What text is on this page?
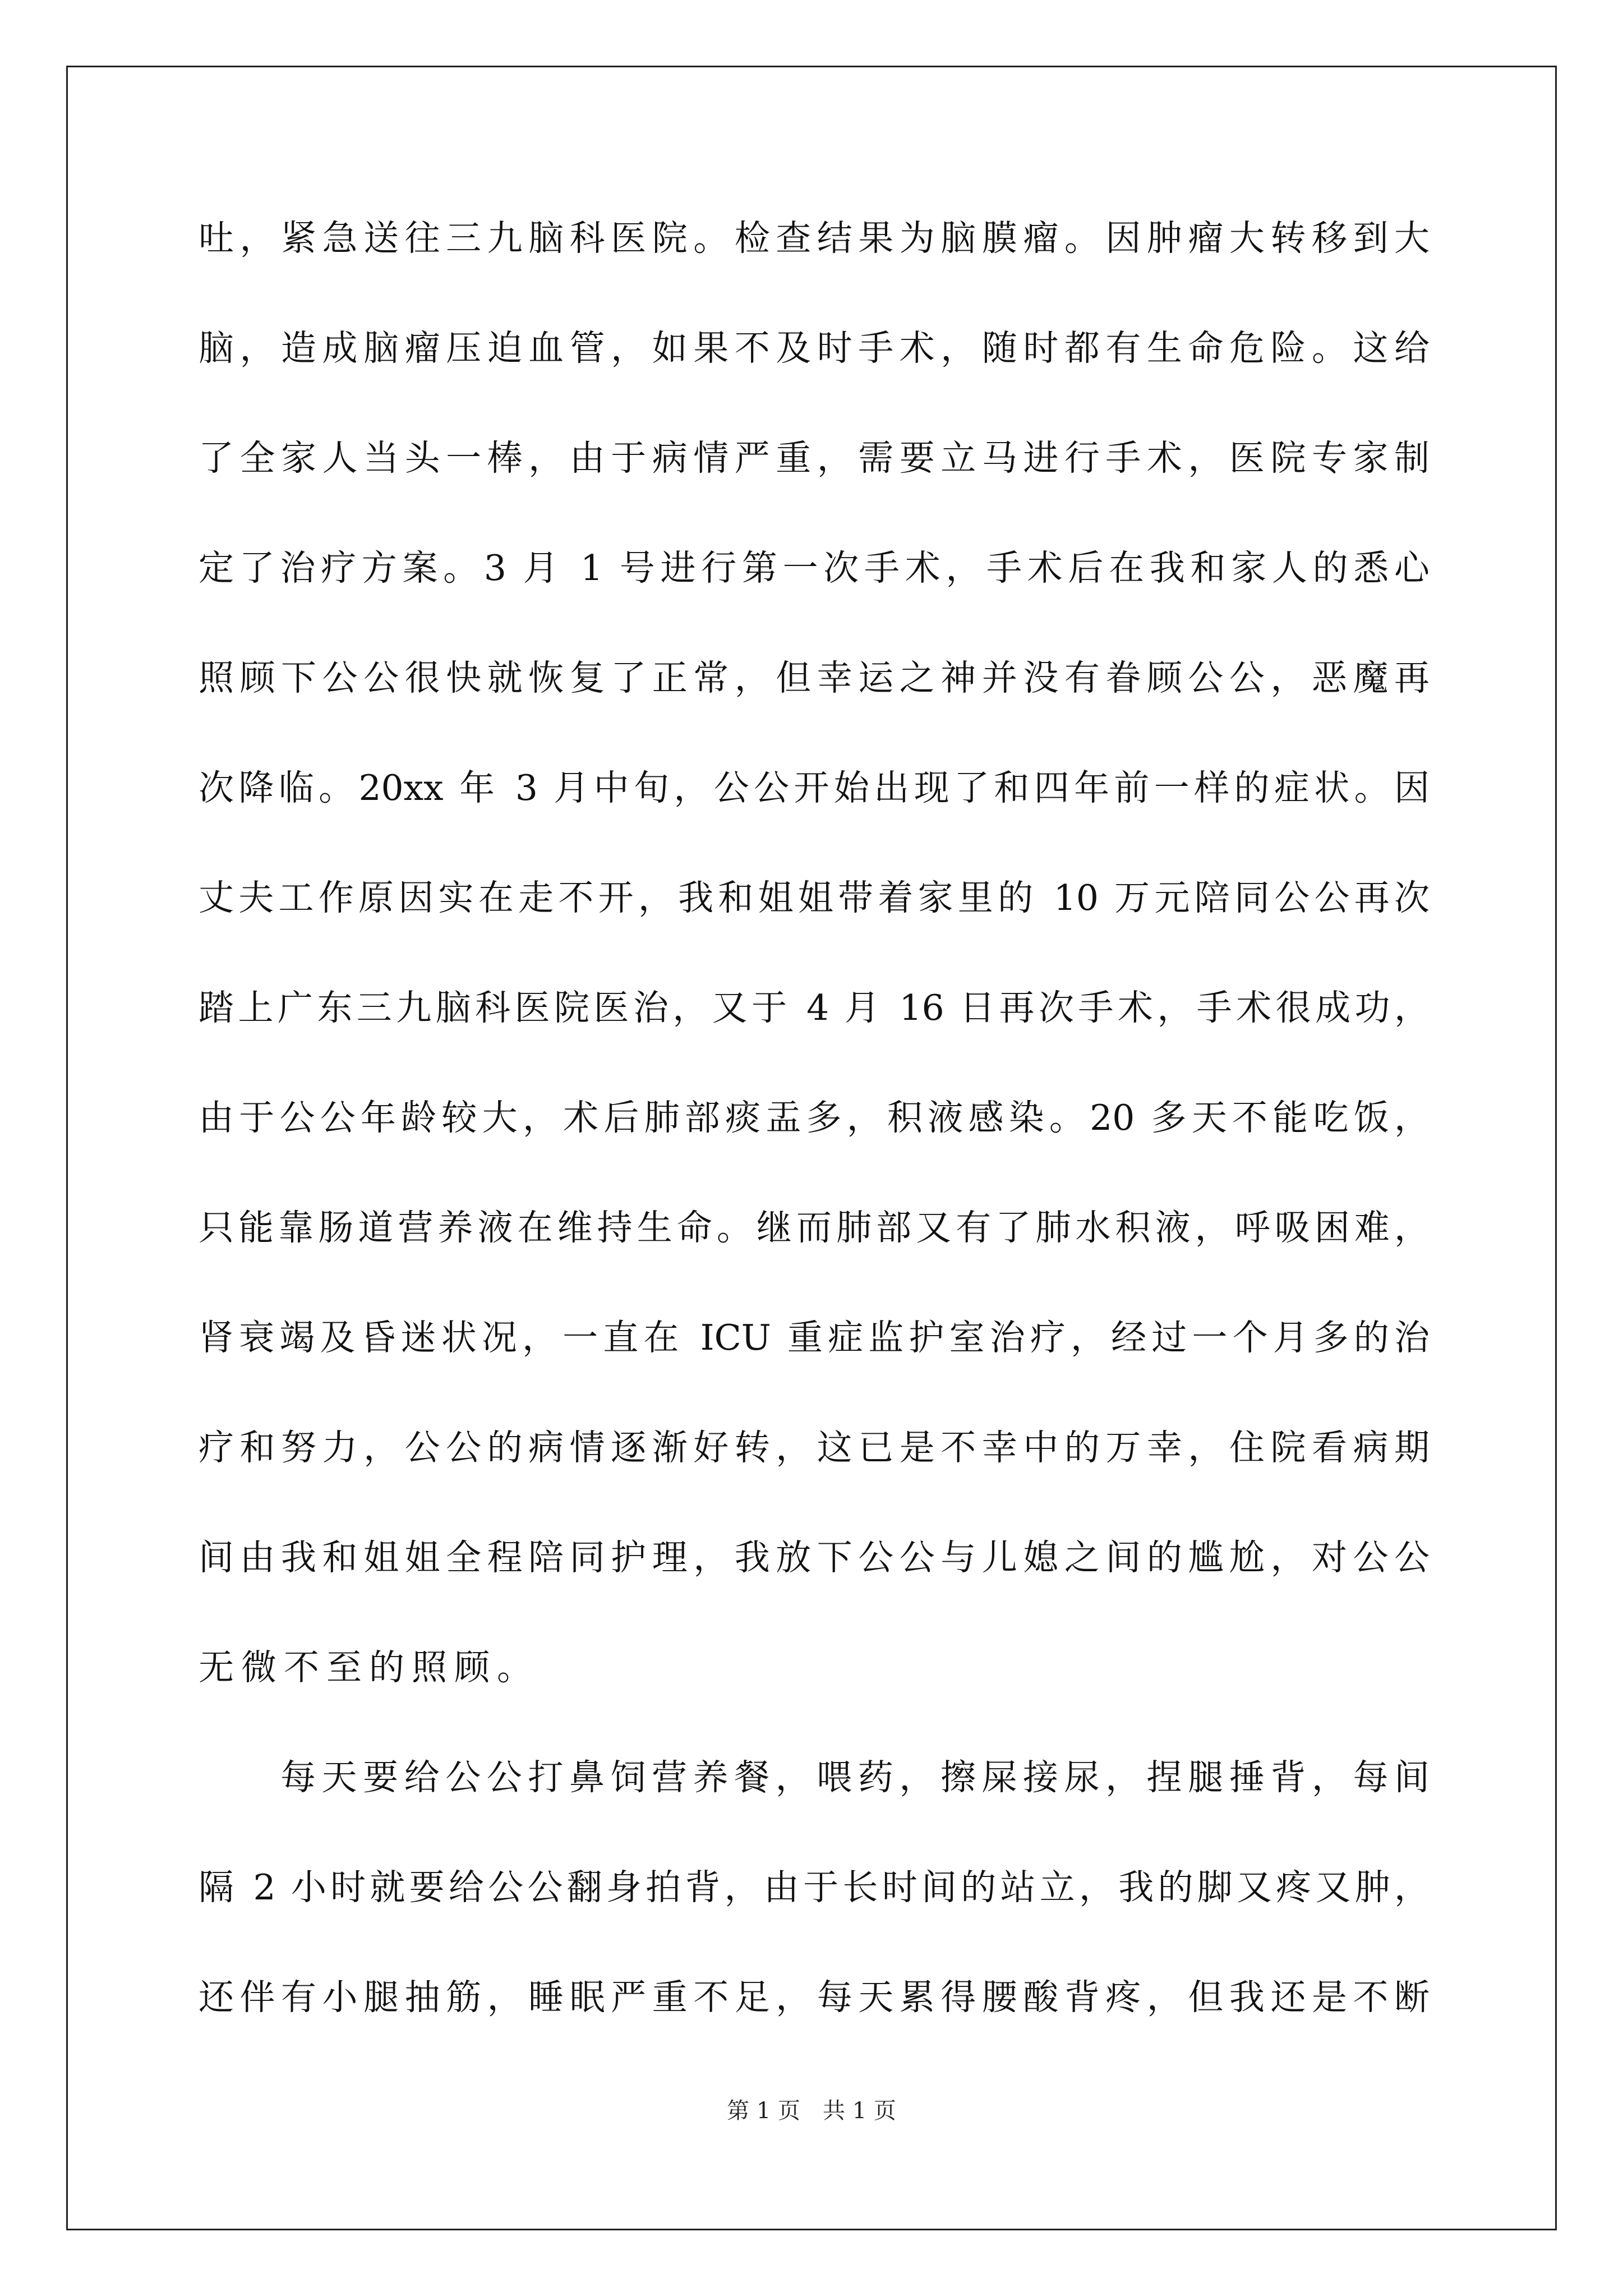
吐，紧急送往三九脑科医院。检查结果为脑膜瘤。因肿瘤大转移到大
脑，造成脑瘤压迫血管，如果不及时手术，随时都有生命危险。这给
了全家人当头一棒，由于病情严重，需要立马进行手术，医院专家制
定了治疗方案。3 月 1 号进行第一次手术，手术后在我和家人的悉心
照顾下公公很快就恢复了正常，但幸运之神并没有眷顾公公，恶魔再
次降临。20xx 年 3 月中旬，公公开始出现了和四年前一样的症状。因
丈夫工作原因实在走不开，我和姐姐带着家里的 10 万元陪同公公再次
踏上广东三九脑科医院医治，又于 4 月 16 日再次手术，手术很成功，
由于公公年龄较大，术后肺部痰盂多，积液感染。20 多天不能吃饭，
只能靠肠道营养液在维持生命。继而肺部又有了肺水积液，呼吸困难，
肾衰竭及昏迷状况，一直在 ICU 重症监护室治疗，经过一个月多的治
疗和努力，公公的病情逐渐好转，这已是不幸中的万幸，住院看病期
间由我和姐姐全程陪同护理，我放下公公与儿媳之间的尴尬，对公公
无微不至的照顾。
每天要给公公打鼻饲营养餐，喂药，擦屎接尿，捏腿捶背，每间
隔 2 小时就要给公公翻身拍背，由于长时间的站立，我的脚又疼又肿，
还伴有小腿抽筋，睡眠严重不足，每天累得腰酸背疼，但我还是不断
第 1 页　共 1 页
